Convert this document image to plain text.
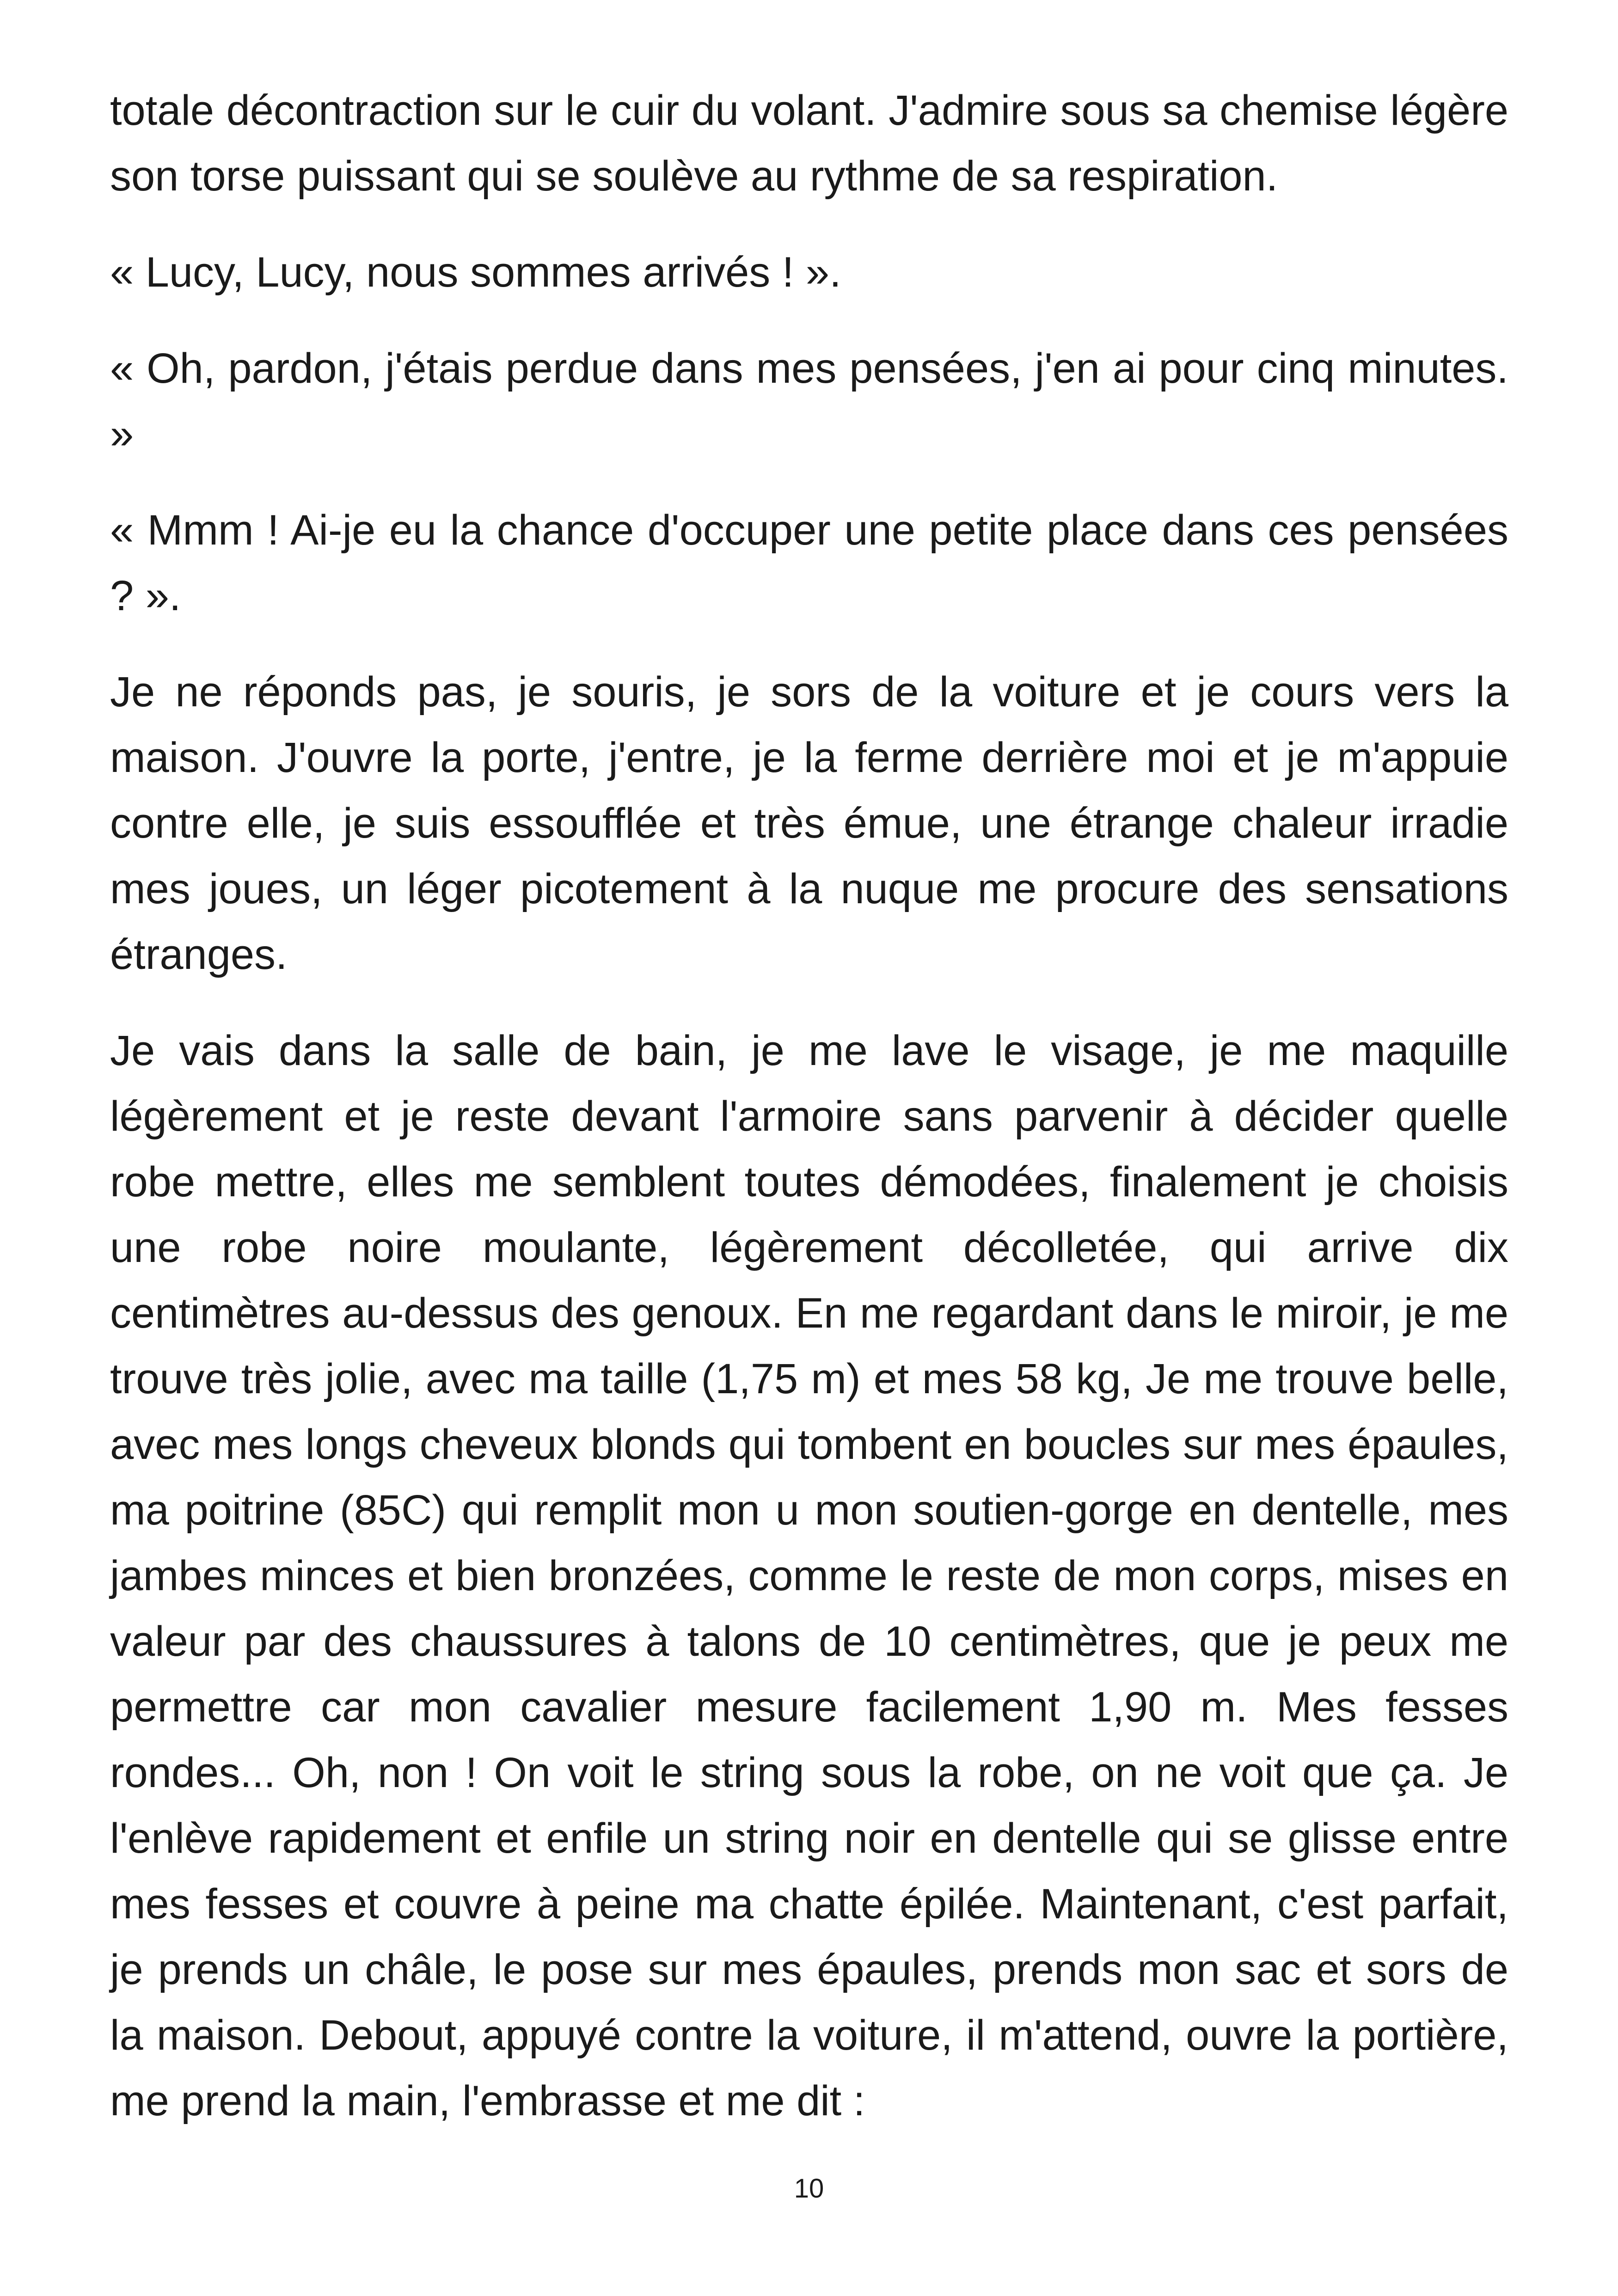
totale décontraction sur le cuir du volant. J'admire sous sa chemise légère son torse puissant qui se soulève au rythme de sa respiration.

« Lucy, Lucy, nous sommes arrivés ! ».

« Oh, pardon, j'étais perdue dans mes pensées, j'en ai pour cinq minutes. »

« Mmm ! Ai-je eu la chance d'occuper une petite place dans ces pensées ? ».

Je ne réponds pas, je souris, je sors de la voiture et je cours vers la maison. J'ouvre la porte, j'entre, je la ferme derrière moi et je m'appuie contre elle, je suis essoufflée et très émue, une étrange chaleur irradie mes joues, un léger picotement à la nuque me procure des sensations étranges.

Je vais dans la salle de bain, je me lave le visage, je me maquille légèrement et je reste devant l'armoire sans parvenir à décider quelle robe mettre, elles me semblent toutes démodées, finalement je choisis une robe noire moulante, légèrement décolletée, qui arrive dix centimètres au-dessus des genoux. En me regardant dans le miroir, je me trouve très jolie, avec ma taille (1,75 m) et mes 58 kg, Je me trouve belle, avec mes longs cheveux blonds qui tombent en boucles sur mes épaules, ma poitrine (85C) qui remplit mon u mon soutien-gorge en dentelle, mes jambes minces et bien bronzées, comme le reste de mon corps, mises en valeur par des chaussures à talons de 10 centimètres, que je peux me permettre car mon cavalier mesure facilement 1,90 m. Mes fesses rondes... Oh, non ! On voit le string sous la robe, on ne voit que ça. Je l'enlève rapidement et enfile un string noir en dentelle qui se glisse entre mes fesses et couvre à peine ma chatte épilée. Maintenant, c'est parfait, je prends un châle, le pose sur mes épaules, prends mon sac et sors de la maison. Debout, appuyé contre la voiture, il m'attend, ouvre la portière, me prend la main, l'embrasse et me dit :

10
